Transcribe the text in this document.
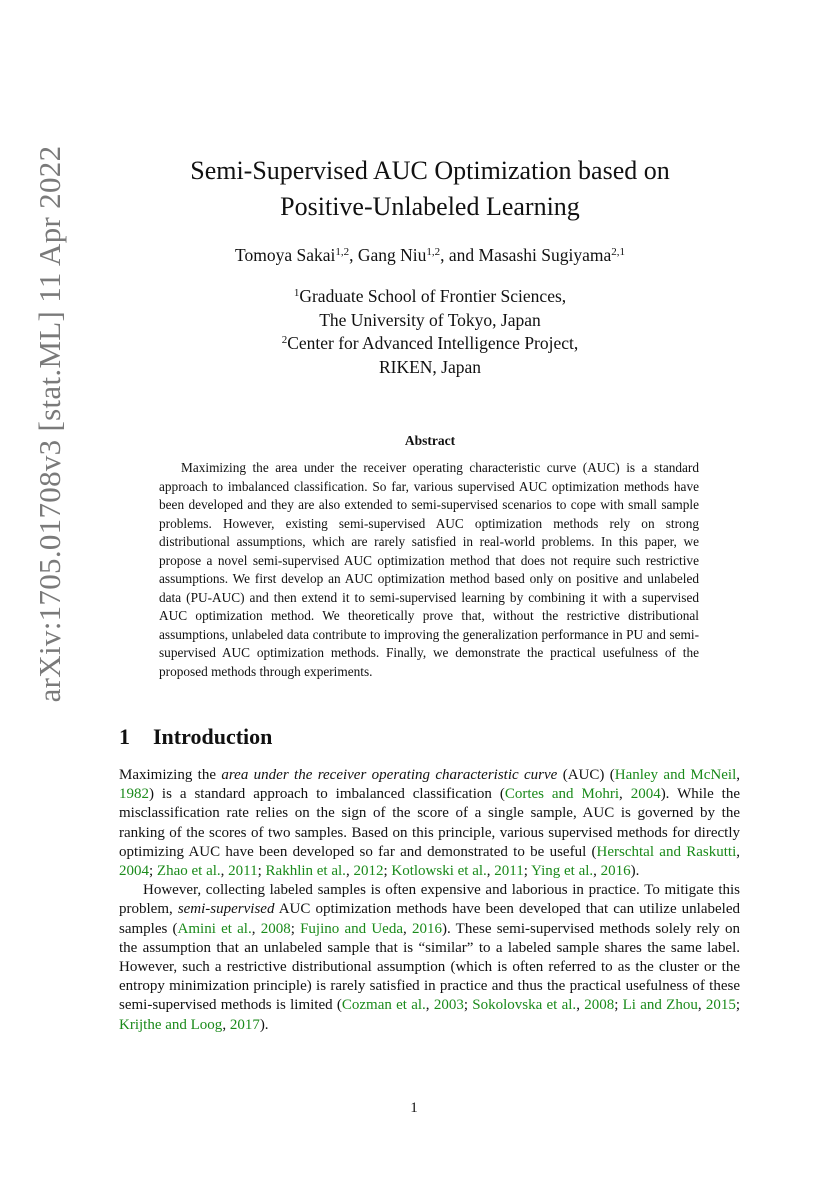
arXiv:1705.01708v3 [stat.ML] 11 Apr 2022	Semi-Supervised AUC Optimization based on
Positive-Unlabeled Learning
Tomoya Sakai$^{1,2}$, Gang Niu$^{1,2}$, and Masashi Sugiyama$^{2,1}$
$^1$Graduate School of Frontier Sciences,
The University of Tokyo, Japan
$^2$Center for Advanced Intelligence Project,
RIKEN, Japan
Abstract

Maximizing the area under the receiver operating characteristic curve (AUC) is a standard approach to imbalanced classification. So far, various supervised AUC optimization methods have been developed and they are also extended to semi-supervised scenarios to cope with small sample problems. However, existing semi-supervised AUC optimization methods rely on strong distributional assumptions, which are rarely satisfied in real-world problems. In this paper, we propose a novel semi-supervised AUC optimization method that does not require such restrictive assumptions. We first develop an AUC optimization method based only on positive and unlabeled data (PU-AUC) and then extend it to semi-supervised learning by combining it with a supervised AUC optimization method. We theoretically prove that, without the restrictive distributional assumptions, unlabeled data contribute to improving the generalization performance in PU and semi-supervised AUC optimization methods. Finally, we demonstrate the practical usefulness of the proposed methods through experiments.

1 Introduction

Maximizing the area under the receiver operating characteristic curve (AUC) (Hanley and McNeil, 1982) is a standard approach to imbalanced classification (Cortes and Mohri, 2004). While the misclassification rate relies on the sign of the score of a single sample, AUC is governed by the ranking of the scores of two samples. Based on this principle, various supervised methods for directly optimizing AUC have been developed so far and demonstrated to be useful (Herschtal and Raskutti, 2004; Zhao et al., 2011; Rakhlin et al., 2012; Kotlowski et al., 2011; Ying et al., 2016).

However, collecting labeled samples is often expensive and laborious in practice. To mitigate this problem, semi-supervised AUC optimization methods have been developed that can utilize unlabeled samples (Amini et al., 2008; Fujino and Ueda, 2016). These semi-supervised methods solely rely on the assumption that an unlabeled sample that is “similar” to a labeled sample shares the same label. However, such a restrictive distributional assumption (which is often referred to as the cluster or the entropy minimization principle) is rarely satisfied in practice and thus the practical usefulness of these semi-supervised methods is limited (Cozman et al., 2003; Sokolovska et al., 2008; Li and Zhou, 2015; Krijthe and Loog, 2017).

1
